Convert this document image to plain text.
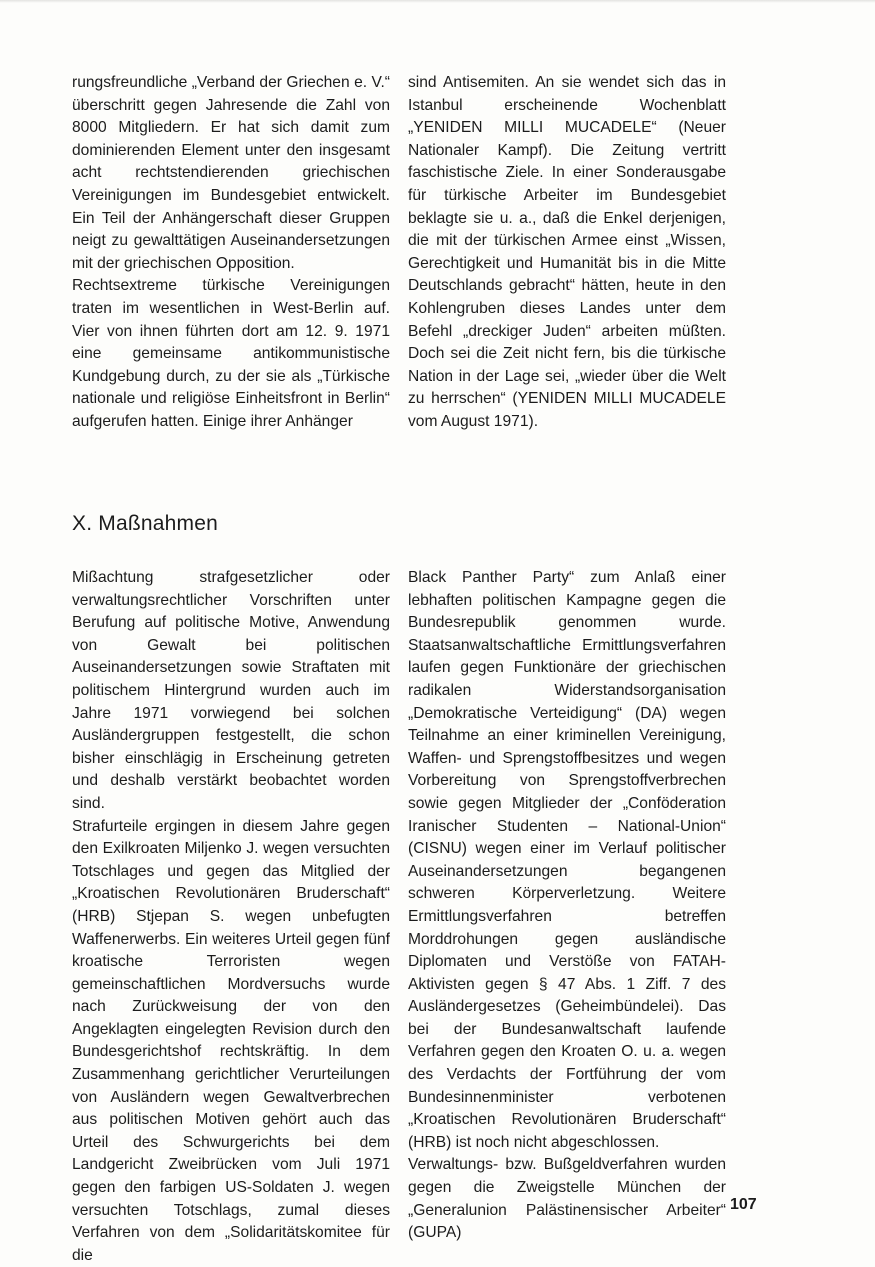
rungsfreundliche „Verband der Griechen e. V.“ überschritt gegen Jahresende die Zahl von 8000 Mitgliedern. Er hat sich damit zum dominierenden Element unter den insgesamt acht rechtstendierenden griechischen Vereinigungen im Bundesgebiet entwickelt. Ein Teil der Anhängerschaft dieser Gruppen neigt zu gewalttätigen Auseinandersetzungen mit der griechischen Opposition.

Rechtsextreme türkische Vereinigungen traten im wesentlichen in West-Berlin auf. Vier von ihnen führten dort am 12. 9. 1971 eine gemeinsame antikommunistische Kundgebung durch, zu der sie als „Türkische nationale und religiöse Einheitsfront in Berlin“ aufgerufen hatten. Einige ihrer Anhänger

sind Antisemiten. An sie wendet sich das in Istanbul erscheinende Wochenblatt „YENIDEN MILLI MUCADELE“ (Neuer Nationaler Kampf). Die Zeitung vertritt faschistische Ziele. In einer Sonderausgabe für türkische Arbeiter im Bundesgebiet beklagte sie u. a., daß die Enkel derjenigen, die mit der türkischen Armee einst „Wissen, Gerechtigkeit und Humanität bis in die Mitte Deutschlands gebracht“ hätten, heute in den Kohlengruben dieses Landes unter dem Befehl „dreckiger Juden“ arbeiten müßten. Doch sei die Zeit nicht fern, bis die türkische Nation in der Lage sei, „wieder über die Welt zu herrschen“ (YENIDEN MILLI MUCADELE vom August 1971).

X. Maßnahmen

Mißachtung strafgesetzlicher oder verwaltungsrechtlicher Vorschriften unter Berufung auf politische Motive, Anwendung von Gewalt bei politischen Auseinandersetzungen sowie Straftaten mit politischem Hintergrund wurden auch im Jahre 1971 vorwiegend bei solchen Ausländergruppen festgestellt, die schon bisher einschlägig in Erscheinung getreten und deshalb verstärkt beobachtet worden sind.

Strafurteile ergingen in diesem Jahre gegen den Exilkroaten Miljenko J. wegen versuchten Totschlages und gegen das Mitglied der „Kroatischen Revolutionären Bruderschaft“ (HRB) Stjepan S. wegen unbefugten Waffenerwerbs. Ein weiteres Urteil gegen fünf kroatische Terroristen wegen gemeinschaftlichen Mordversuchs wurde nach Zurückweisung der von den Angeklagten eingelegten Revision durch den Bundesgerichtshof rechtskräftig. In dem Zusammenhang gerichtlicher Verurteilungen von Ausländern wegen Gewaltverbrechen aus politischen Motiven gehört auch das Urteil des Schwurgerichts bei dem Landgericht Zweibrücken vom Juli 1971 gegen den farbigen US-Soldaten J. wegen versuchten Totschlags, zumal dieses Verfahren von dem „Solidaritätskomitee für die

Black Panther Party“ zum Anlaß einer lebhaften politischen Kampagne gegen die Bundesrepublik genommen wurde. Staatsanwaltschaftliche Ermittlungsverfahren laufen gegen Funktionäre der griechischen radikalen Widerstandsorganisation „Demokratische Verteidigung“ (DA) wegen Teilnahme an einer kriminellen Vereinigung, Waffen- und Sprengstoffbesitzes und wegen Vorbereitung von Sprengstoffverbrechen sowie gegen Mitglieder der „Conföderation Iranischer Studenten – National-Union“ (CISNU) wegen einer im Verlauf politischer Auseinandersetzungen begangenen schweren Körperverletzung. Weitere Ermittlungsverfahren betreffen Morddrohungen gegen ausländische Diplomaten und Verstöße von FATAH-Aktivisten gegen § 47 Abs. 1 Ziff. 7 des Ausländergesetzes (Geheimbündelei). Das bei der Bundesanwaltschaft laufende Verfahren gegen den Kroaten O. u. a. wegen des Verdachts der Fortführung der vom Bundesinnenminister verbotenen „Kroatischen Revolutionären Bruderschaft“ (HRB) ist noch nicht abgeschlossen.

Verwaltungs- bzw. Bußgeldverfahren wurden gegen die Zweigstelle München der „Generalunion Palästinensischer Arbeiter“ (GUPA)

107
